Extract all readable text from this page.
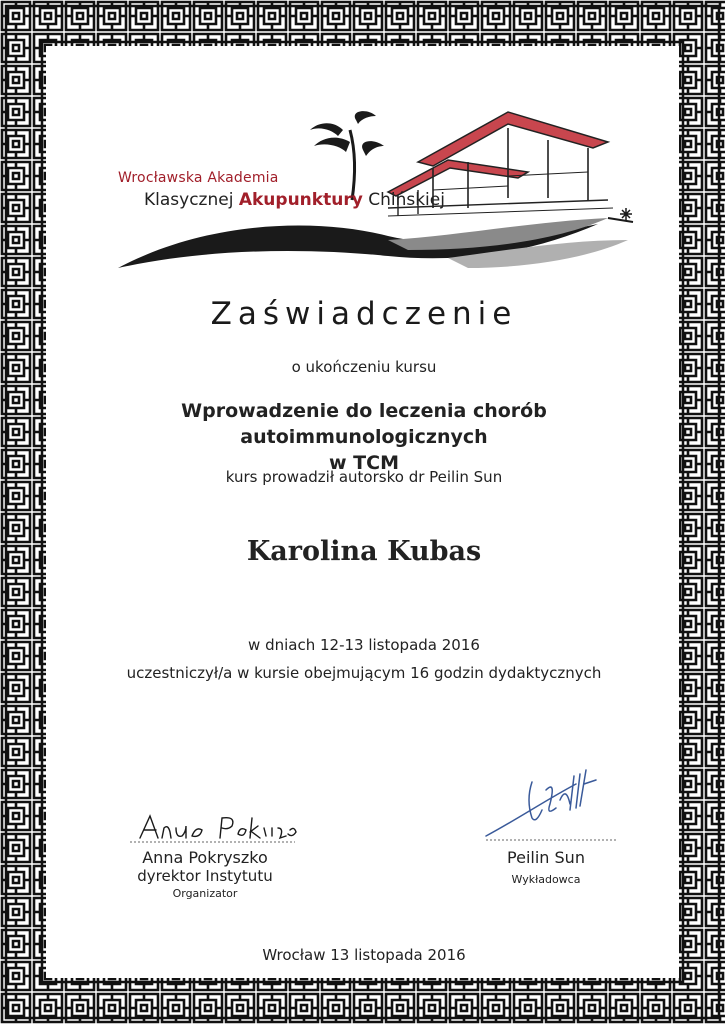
Wrocławska Akademia
Klasycznej Akupunktury Chińskiej
Zaświadczenie
o ukończeniu kursu
Wprowadzenie do leczenia chorób autoimmunologicznych
w TCM
kurs prowadził autorsko dr Peilin Sun
Karolina Kubas
w dniach 12-13 listopada 2016
uczestniczył/a w kursie obejmującym 16 godzin dydaktycznych
Anna Pokryszko
dyrektor Instytutu
Organizator
Peilin Sun
Wykładowca
Wrocław 13 listopada 2016
